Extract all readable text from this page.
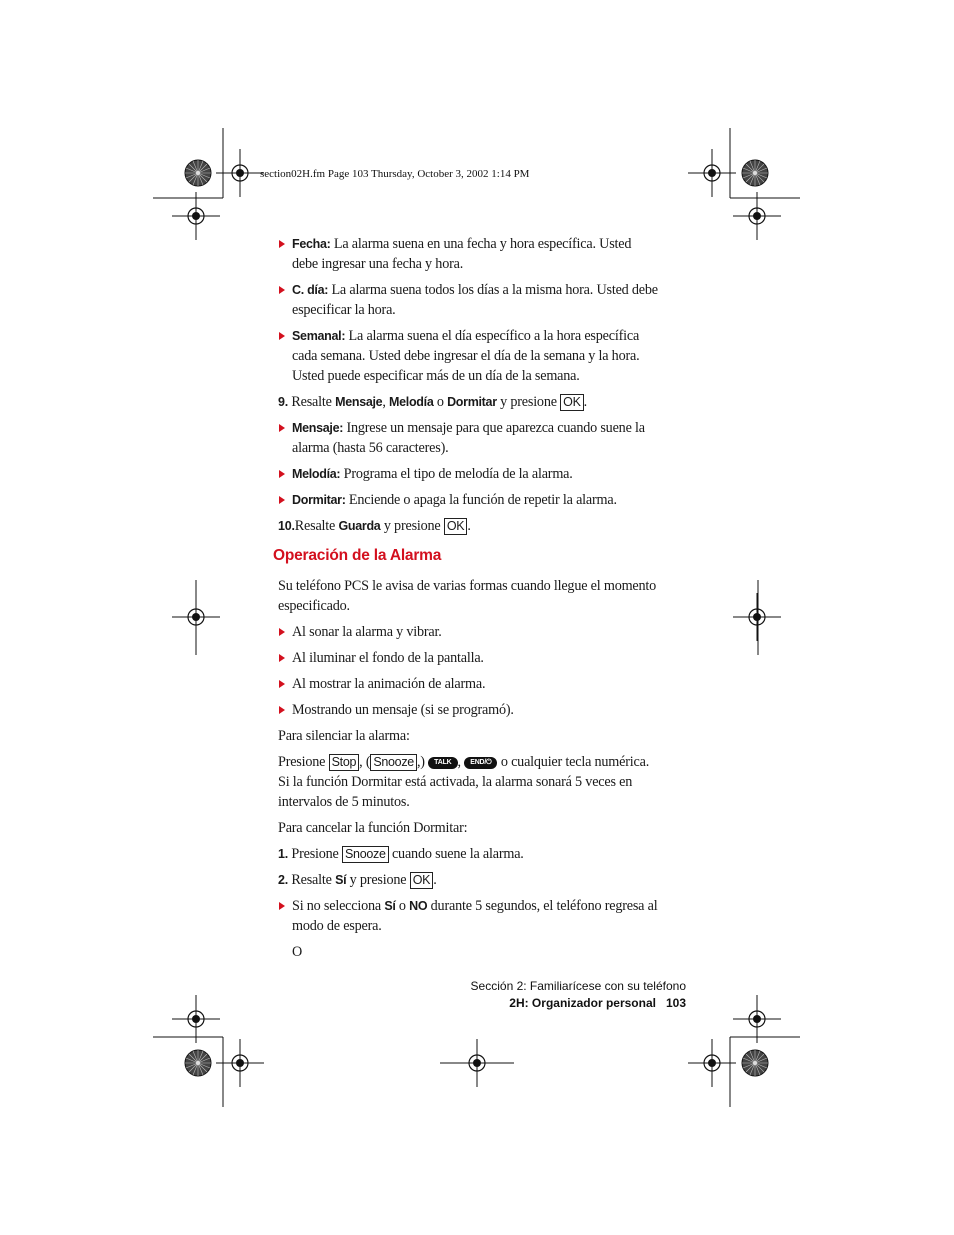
section02H.fm Page 103 Thursday, October 3, 2002 1:14 PM

Fecha: La alarma suena en una fecha y hora específica. Usted debe ingresar una fecha y hora.

C. día: La alarma suena todos los días a la misma hora. Usted debe especificar la hora.

Semanal: La alarma suena el día específico a la hora específica cada semana. Usted debe ingresar el día de la semana y la hora. Usted puede especificar más de un día de la semana.

9. Resalte Mensaje, Melodía o Dormitar y presione OK .

Mensaje: Ingrese un mensaje para que aparezca cuando suene la alarma (hasta 56 caracteres).

Melodía: Programa el tipo de melodía de la alarma.

Dormitar: Enciende o apaga la función de repetir la alarma.

10.Resalte Guarda y presione OK .

Operación de la Alarma

Su teléfono PCS le avisa de varias formas cuando llegue el momento especificado.

Al sonar la alarma y vibrar.

Al iluminar el fondo de la pantalla.

Al mostrar la animación de alarma.

Mostrando un mensaje (si se programó).

Para silenciar la alarma:

Presione Stop , ( Snooze ,) TALK , END/⏻ o cualquier tecla numérica. Si la función Dormitar está activada, la alarma sonará 5 veces en intervalos de 5 minutos.

Para cancelar la función Dormitar:

1. Presione Snooze cuando suene la alarma.

2. Resalte Sí y presione OK .

Si no selecciona Sí o NO durante 5 segundos, el teléfono regresa al modo de espera.

O

Sección 2: Familiarícese con su teléfono
2H: Organizador personal 103
